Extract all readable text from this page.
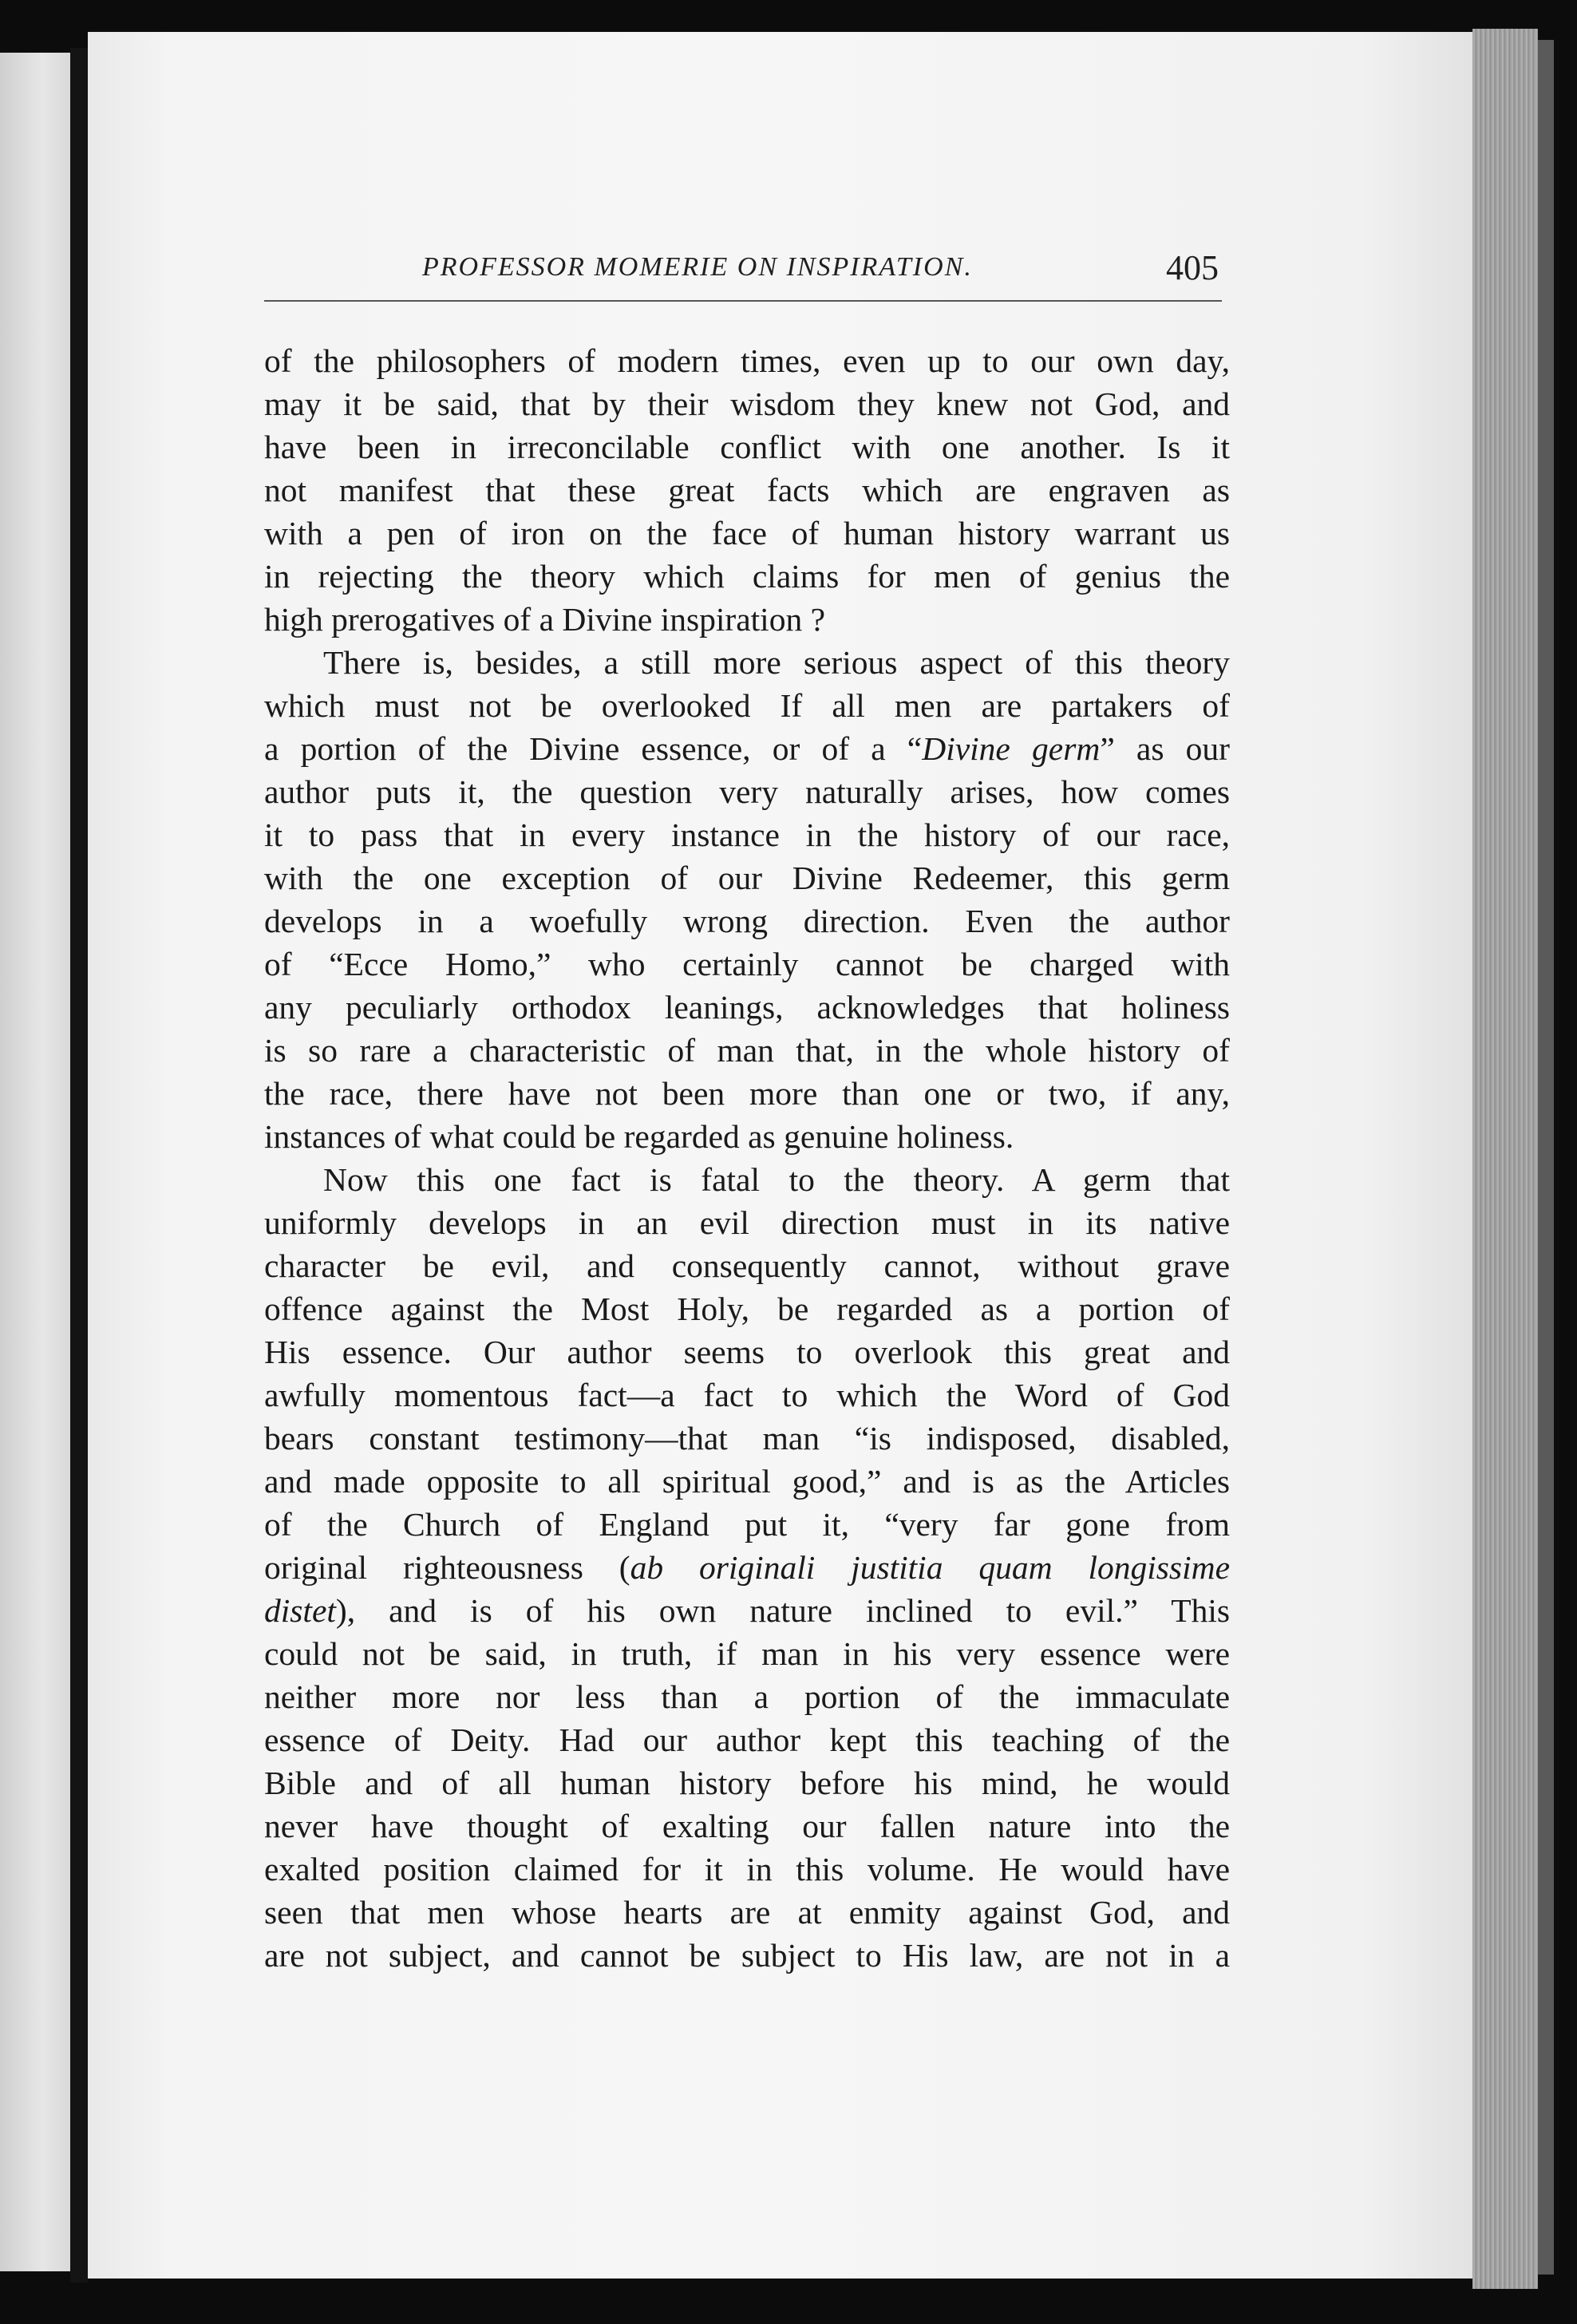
PROFESSOR MOMERIE ON INSPIRATION.	405
of the philosophers of modern times, even up to our own day,
may it be said, that by their wisdom they knew not God, and
have been in irreconcilable conflict with one another. Is it
not manifest that these great facts which are engraven as
with a pen of iron on the face of human history warrant us
in rejecting the theory which claims for men of genius the
high prerogatives of a Divine inspiration ?
There is, besides, a still more serious aspect of this theory
which must not be overlooked If all men are partakers of
a portion of the Divine essence, or of a “Divine germ” as our
author puts it, the question very naturally arises, how comes
it to pass that in every instance in the history of our race,
with the one exception of our Divine Redeemer, this germ
develops in a woefully wrong direction. Even the author
of “Ecce Homo,” who certainly cannot be charged with
any peculiarly orthodox leanings, acknowledges that holiness
is so rare a characteristic of man that, in the whole history of
the race, there have not been more than one or two, if any,
instances of what could be regarded as genuine holiness.
Now this one fact is fatal to the theory. A germ that
uniformly develops in an evil direction must in its native
character be evil, and consequently cannot, without grave
offence against the Most Holy, be regarded as a portion of
His essence. Our author seems to overlook this great and
awfully momentous fact—a fact to which the Word of God
bears constant testimony—that man “is indisposed, disabled,
and made opposite to all spiritual good,” and is as the Articles
of the Church of England put it, “very far gone from
original righteousness (ab originali justitia quam longissime
distet), and is of his own nature inclined to evil.” This
could not be said, in truth, if man in his very essence were
neither more nor less than a portion of the immaculate
essence of Deity. Had our author kept this teaching of the
Bible and of all human history before his mind, he would
never have thought of exalting our fallen nature into the
exalted position claimed for it in this volume. He would have
seen that men whose hearts are at enmity against God, and
are not subject, and cannot be subject to His law, are not in a
